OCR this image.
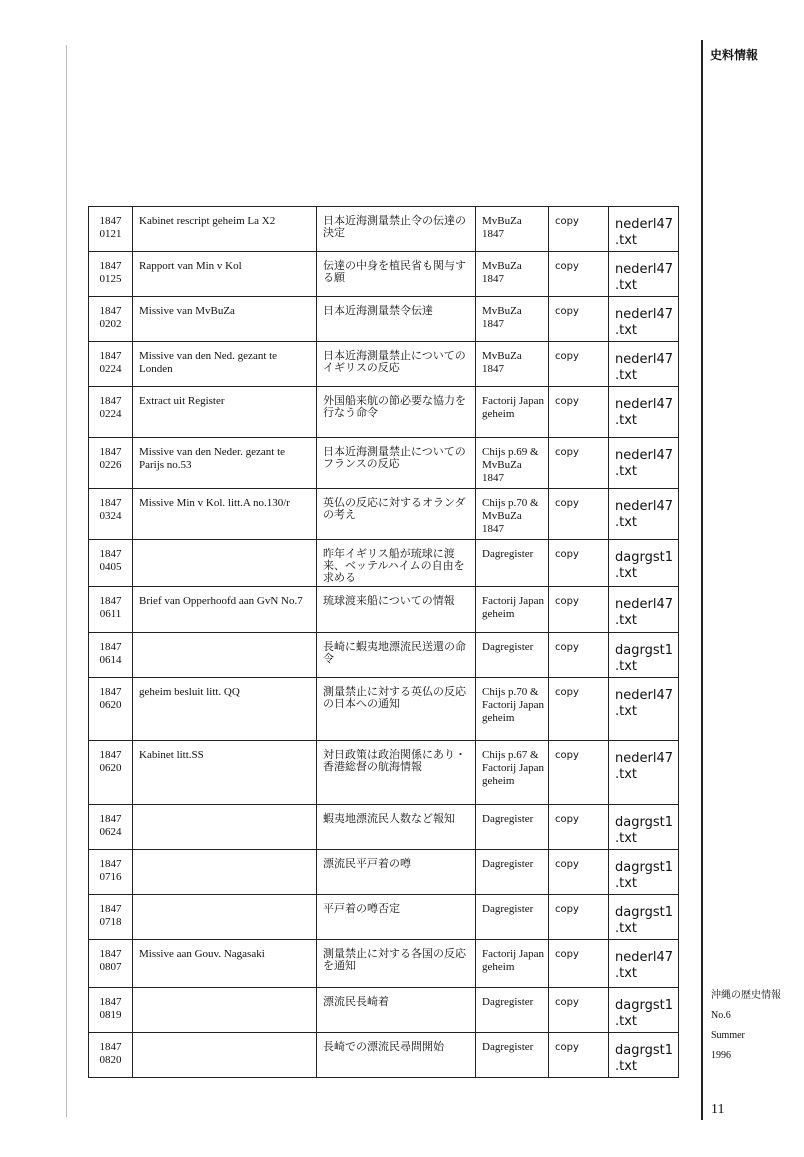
史料情報
1847
0121	Kabinet rescript geheim La X2	日本近海測量禁止令の伝達の決定	MvBuZa 1847	copy	nederl47 .txt
1847
0125	Rapport van Min v Kol	伝達の中身を植民省も関与する願	MvBuZa 1847	copy	nederl47 .txt
1847
0202	Missive van MvBuZa	日本近海測量禁令伝達	MvBuZa 1847	copy	nederl47 .txt
1847
0224	Missive van den Ned. gezant te Londen	日本近海測量禁止についてのイギリスの反応	MvBuZa 1847	copy	nederl47 .txt
1847
0224	Extract uit Register	外国船来航の節必要な協力を行なう命令	Factorij Japan geheim	copy	nederl47 .txt
1847
0226	Missive van den Neder. gezant te Parijs no.53	日本近海測量禁止についてのフランスの反応	Chijs p.69 & MvBuZa 1847	copy	nederl47 .txt
1847
0324	Missive Min v Kol. litt.A no.130/r	英仏の反応に対するオランダの考え	Chijs p.70 & MvBuZa 1847	copy	nederl47 .txt
1847
0405		昨年イギリス船が琉球に渡来、ベッテルハイムの自由を求める	Dagregister	copy	dagrgst1 .txt
1847
0611	Brief van Opperhoofd aan GvN No.7	琉球渡来船についての情報	Factorij Japan geheim	copy	nederl47 .txt
1847
0614		長崎に蝦夷地漂流民送還の命令	Dagregister	copy	dagrgst1 .txt
1847
0620	geheim besluit litt. QQ	測量禁止に対する英仏の反応の日本への通知	Chijs p.70 & Factorij Japan geheim	copy	nederl47 .txt
1847
0620	Kabinet litt.SS	対日政策は政治関係にあり・香港総督の航海情報	Chijs p.67 & Factorij Japan geheim	copy	nederl47 .txt
1847
0624		蝦夷地漂流民人数など報知	Dagregister	copy	dagrgst1 .txt
1847
0716		漂流民平戸着の噂	Dagregister	copy	dagrgst1 .txt
1847
0718		平戸着の噂否定	Dagregister	copy	dagrgst1 .txt
1847
0807	Missive aan Gouv. Nagasaki	測量禁止に対する各国の反応を通知	Factorij Japan geheim	copy	nederl47 .txt
1847
0819		漂流民長崎着	Dagregister	copy	dagrgst1 .txt
1847
0820		長崎での漂流民尋問開始	Dagregister	copy	dagrgst1 .txt
沖縄の歴史情報
No.6
Summer
1996
11
